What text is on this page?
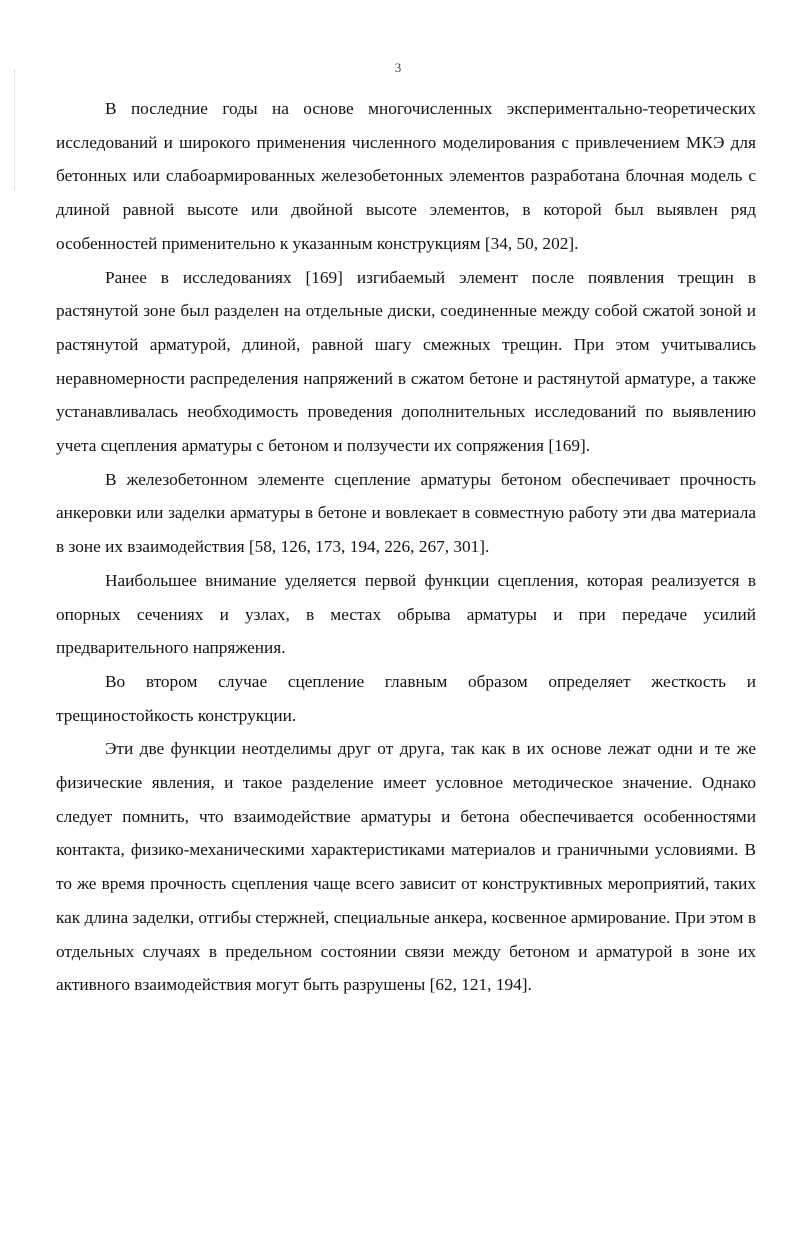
3

В последние годы на основе многочисленных экспериментально-теоретических исследований и широкого применения численного моделирования с привлечением МКЭ для бетонных или слабоармированных железобетонных элементов разработана блочная модель с длиной равной высоте или двойной высоте элементов, в которой был выявлен ряд особенностей применительно к указанным конструкциям [34, 50, 202].

Ранее в исследованиях [169] изгибаемый элемент после появления трещин в растянутой зоне был разделен на отдельные диски, соединенные между собой сжатой зоной и растянутой арматурой, длиной, равной шагу смежных трещин. При этом учитывались неравномерности распределения напряжений в сжатом бетоне и растянутой арматуре, а также устанавливалась необходимость проведения дополнительных исследований по выявлению учета сцепления арматуры с бетоном и ползучести их сопряжения [169].

В железобетонном элементе сцепление арматуры бетоном обеспечивает прочность анкеровки или заделки арматуры в бетоне и вовлекает в совместную работу эти два материала в зоне их взаимодействия [58, 126, 173, 194, 226, 267, 301].

Наибольшее внимание уделяется первой функции сцепления, которая реализуется в опорных сечениях и узлах, в местах обрыва арматуры и при передаче усилий предварительного напряжения.

Во втором случае сцепление главным образом определяет жесткость и трещиностойкость конструкции.

Эти две функции неотделимы друг от друга, так как в их основе лежат одни и те же физические явления, и такое разделение имеет условное методическое значение. Однако следует помнить, что взаимодействие арматуры и бетона обеспечивается особенностями контакта, физико-механическими характеристиками материалов и граничными условиями. В то же время прочность сцепления чаще всего зависит от конструктивных мероприятий, таких как длина заделки, отгибы стержней, специальные анкера, косвенное армирование. При этом в отдельных случаях в предельном состоянии связи между бетоном и арматурой в зоне их активного взаимодействия могут быть разрушены [62, 121, 194].
